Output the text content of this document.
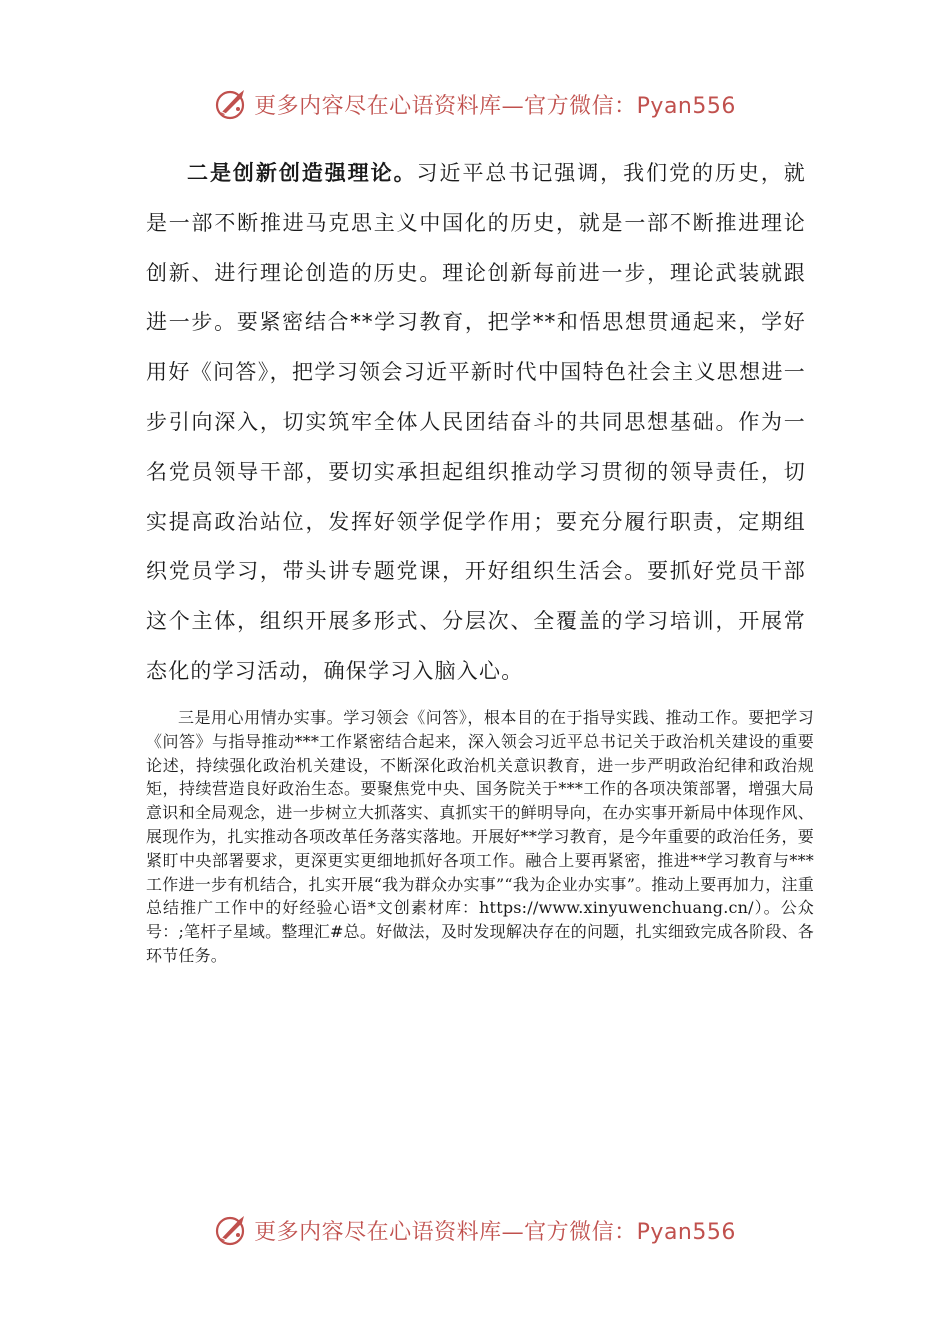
更多内容尽在心语资料库—官方微信：Pyan556

二是创新创造强理论。习近平总书记强调，我们党的历史，就是一部不断推进马克思主义中国化的历史，就是一部不断推进理论创新、进行理论创造的历史。理论创新每前进一步，理论武装就跟进一步。要紧密结合**学习教育，把学**和悟思想贯通起来，学好用好《问答》，把学习领会习近平新时代中国特色社会主义思想进一步引向深入，切实筑牢全体人民团结奋斗的共同思想基础。作为一名党员领导干部，要切实承担起组织推动学习贯彻的领导责任，切实提高政治站位，发挥好领学促学作用；要充分履行职责，定期组织党员学习，带头讲专题党课，开好组织生活会。要抓好党员干部这个主体，组织开展多形式、分层次、全覆盖的学习培训，开展常态化的学习活动，确保学习入脑入心。

三是用心用情办实事。学习领会《问答》，根本目的在于指导实践、推动工作。要把学习《问答》与指导推动***工作紧密结合起来，深入领会习近平总书记关于政治机关建设的重要论述，持续强化政治机关建设，不断深化政治机关意识教育，进一步严明政治纪律和政治规矩，持续营造良好政治生态。要聚焦党中央、国务院关于***工作的各项决策部署，增强大局意识和全局观念，进一步树立大抓落实、真抓实干的鲜明导向，在办实事开新局中体现作风、展现作为，扎实推动各项改革任务落实落地。开展好**学习教育，是今年重要的政治任务，要紧盯中央部署要求，更深更实更细地抓好各项工作。融合上要再紧密，推进**学习教育与***工作进一步有机结合，扎实开展“我为群众办实事”“我为企业办实事”。推动上要再加力，注重总结推广工作中的好经验心语*文创素材库：https://www.xinyuwenchuang.cn/）。公众号：;笔杆子星域。整理汇#总。好做法，及时发现解决存在的问题，扎实细致完成各阶段、各环节任务。

更多内容尽在心语资料库—官方微信：Pyan556
